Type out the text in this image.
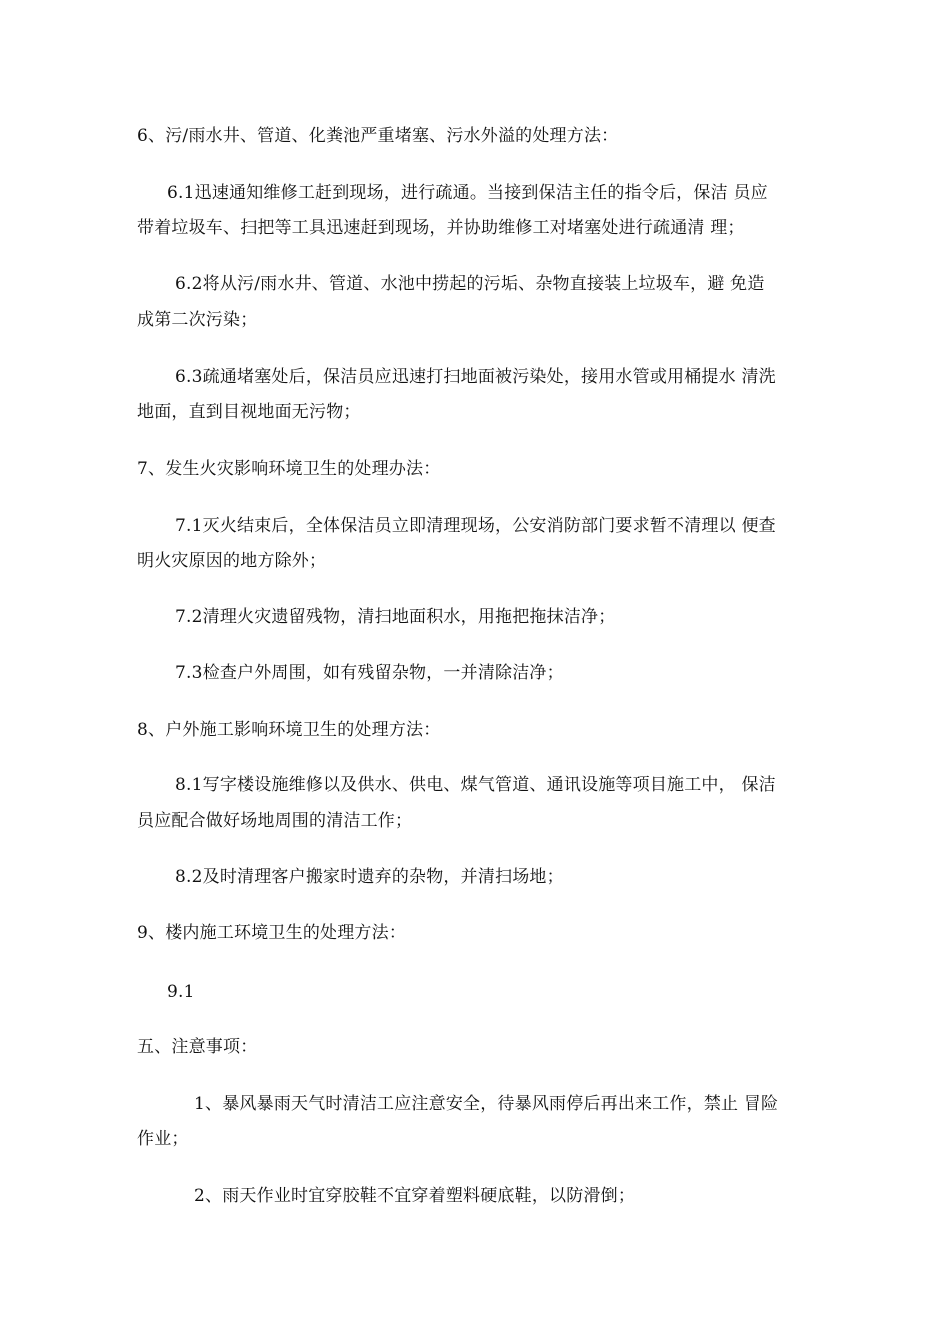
6、污/雨水井、管道、化粪池严重堵塞、污水外溢的处理方法：
6.1迅速通知维修工赶到现场，进行疏通。当接到保洁主任的指令后，保洁 员应
带着垃圾车、扫把等工具迅速赶到现场，并协助维修工对堵塞处进行疏通清 理；
6.2将从污/雨水井、管道、水池中捞起的污垢、杂物直接装上垃圾车，避 免造
成第二次污染；
6.3疏通堵塞处后，保洁员应迅速打扫地面被污染处，接用水管或用桶提水 清洗
地面，直到目视地面无污物；
7、发生火灾影响环境卫生的处理办法：
7.1灭火结束后，全体保洁员立即清理现场，公安消防部门要求暂不清理以 便查
明火灾原因的地方除外；
7.2清理火灾遗留残物，清扫地面积水，用拖把拖抹洁净；
7.3检查户外周围，如有残留杂物，一并清除洁净；
8、户外施工影响环境卫生的处理方法：
8.1写字楼设施维修以及供水、供电、煤气管道、通讯设施等项目施工中， 保洁
员应配合做好场地周围的清洁工作；
8.2及时清理客户搬家时遗弃的杂物，并清扫场地；
9、楼内施工环境卫生的处理方法：
9.1
五、注意事项：
1、暴风暴雨天气时清洁工应注意安全，待暴风雨停后再出来工作，禁止 冒险
作业；
2、雨天作业时宜穿胶鞋不宜穿着塑料硬底鞋，以防滑倒；
